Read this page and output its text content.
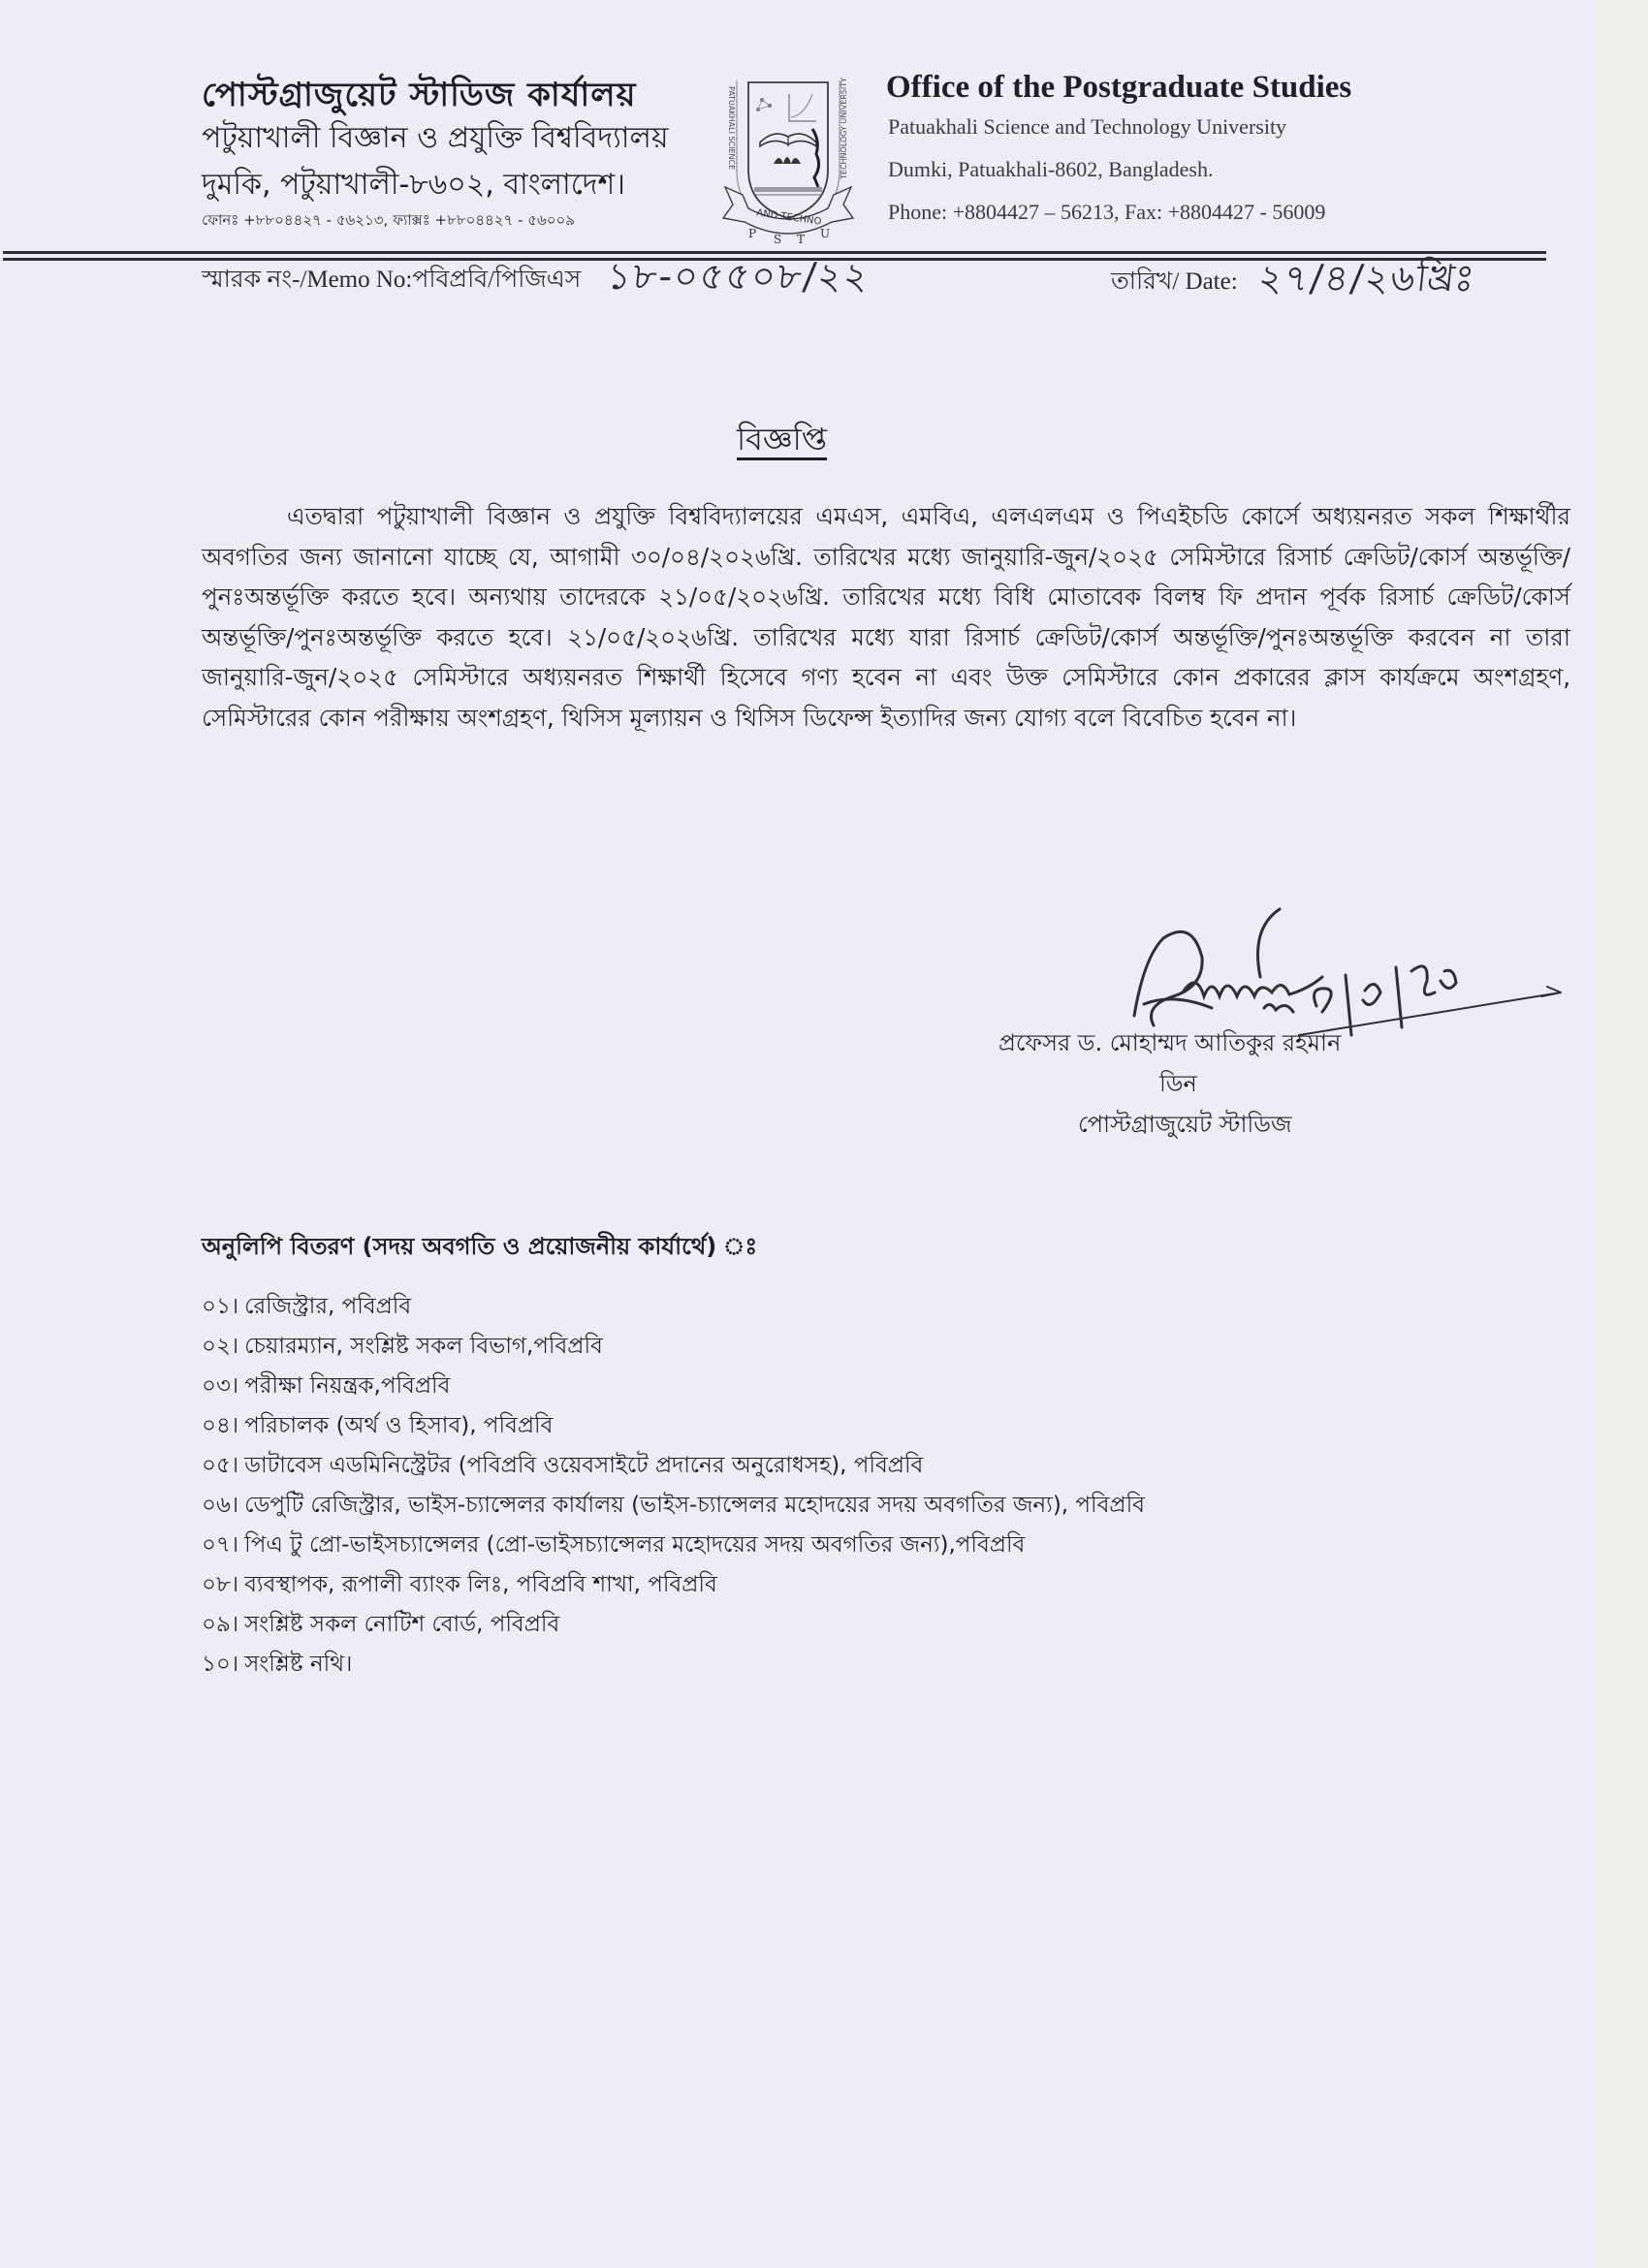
পোস্টগ্রাজুয়েট স্টাডিজ কার্যালয়
পটুয়াখালী বিজ্ঞান ও প্রযুক্তি বিশ্ববিদ্যালয়
দুমকি, পটুয়াখালী-৮৬০২, বাংলাদেশ।
ফোনঃ +৮৮০৪৪২৭ - ৫৬২১৩, ফ্যাক্সঃ +৮৮০৪৪২৭ - ৫৬০০৯
PATUAKHALI SCIENCE	TECHNOLOGY UNIVERSITY
AND TECHNO
P S T U
Office of the Postgraduate Studies
Patuakhali Science and Technology University
Dumki, Patuakhali-8602, Bangladesh.
Phone: +8804427 – 56213, Fax: +8804427 - 56009
স্মারক নং-/Memo No:পবিপ্রবি/পিজিএস ১৮-০৫৫০৮/২২	তারিখ/ Date: ২৭/৪/২৬খ্রিঃ
বিজ্ঞপ্তি
এতদ্বারা পটুয়াখালী বিজ্ঞান ও প্রযুক্তি বিশ্ববিদ্যালয়ের এমএস, এমবিএ, এলএলএম ও পিএইচডি কোর্সে অধ্যয়নরত সকল শিক্ষার্থীর অবগতির জন্য জানানো যাচ্ছে যে, আগামী ৩০/০৪/২০২৬খ্রি. তারিখের মধ্যে জানুয়ারি-জুন/২০২৫ সেমিস্টারে রিসার্চ ক্রেডিট/কোর্স অন্তর্ভূক্তি/পুনঃঅন্তর্ভূক্তি করতে হবে। অন্যথায় তাদেরকে ২১/০৫/২০২৬খ্রি. তারিখের মধ্যে বিধি মোতাবেক বিলম্ব ফি প্রদান পূর্বক রিসার্চ ক্রেডিট/কোর্স অন্তর্ভূক্তি/পুনঃঅন্তর্ভূক্তি করতে হবে। ২১/০৫/২০২৬খ্রি. তারিখের মধ্যে যারা রিসার্চ ক্রেডিট/কোর্স অন্তর্ভূক্তি/পুনঃঅন্তর্ভূক্তি করবেন না তারা জানুয়ারি-জুন/২০২৫ সেমিস্টারে অধ্যয়নরত শিক্ষার্থী হিসেবে গণ্য হবেন না এবং উক্ত সেমিস্টারে কোন প্রকারের ক্লাস কার্যক্রমে অংশগ্রহণ, সেমিস্টারের কোন পরীক্ষায় অংশগ্রহণ, থিসিস মূল্যায়ন ও থিসিস ডিফেন্স ইত্যাদির জন্য যোগ্য বলে বিবেচিত হবেন না।
প্রফেসর ড. মোহাম্মদ আতিকুর রহমান
ডিন
পোস্টগ্রাজুয়েট স্টাডিজ
অনুলিপি বিতরণ (সদয় অবগতি ও প্রয়োজনীয় কার্যার্থে) ঃ
০১। রেজিস্ট্রার, পবিপ্রবি
০২। চেয়ারম্যান, সংশ্লিষ্ট সকল বিভাগ,পবিপ্রবি
০৩। পরীক্ষা নিয়ন্ত্রক,পবিপ্রবি
০৪। পরিচালক (অর্থ ও হিসাব), পবিপ্রবি
০৫। ডাটাবেস এডমিনিস্ট্রেটর (পবিপ্রবি ওয়েবসাইটে প্রদানের অনুরোধসহ), পবিপ্রবি
০৬। ডেপুটি রেজিস্ট্রার, ভাইস-চ্যান্সেলর কার্যালয় (ভাইস-চ্যান্সেলর মহোদয়ের সদয় অবগতির জন্য), পবিপ্রবি
০৭। পিএ টু প্রো-ভাইসচ্যান্সেলর (প্রো-ভাইসচ্যান্সেলর মহোদয়ের সদয় অবগতির জন্য),পবিপ্রবি
০৮। ব্যবস্থাপক, রূপালী ব্যাংক লিঃ, পবিপ্রবি শাখা, পবিপ্রবি
০৯। সংশ্লিষ্ট সকল নোটিশ বোর্ড, পবিপ্রবি
১০। সংশ্লিষ্ট নথি।
